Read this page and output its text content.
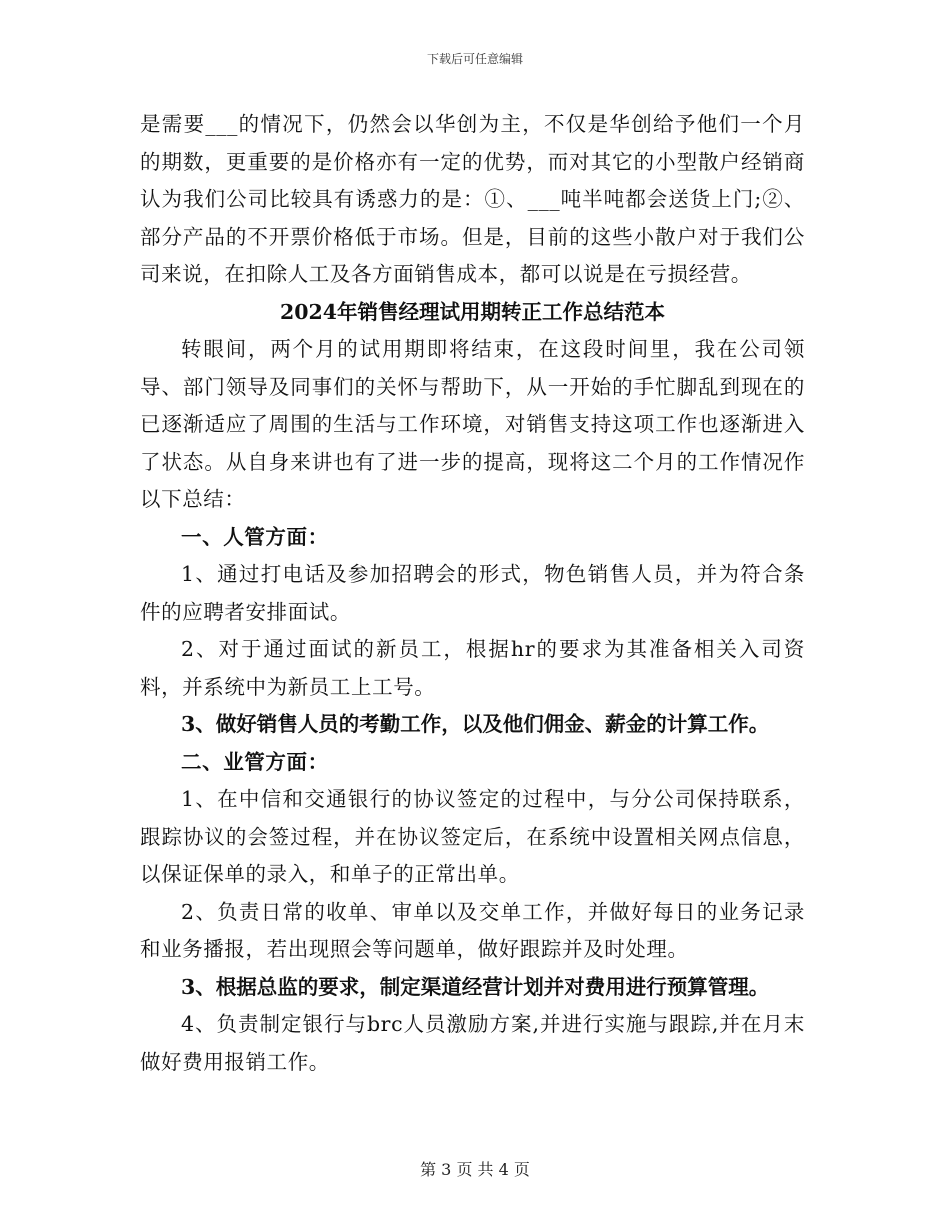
下载后可任意编辑

是需要___的情况下，仍然会以华创为主，不仅是华创给予他们一个月的期数，更重要的是价格亦有一定的优势，而对其它的小型散户经销商认为我们公司比较具有诱惑力的是：①、___吨半吨都会送货上门;②、部分产品的不开票价格低于市场。但是，目前的这些小散户对于我们公司来说，在扣除人工及各方面销售成本，都可以说是在亏损经营。

2024年销售经理试用期转正工作总结范本

转眼间，两个月的试用期即将结束，在这段时间里，我在公司领导、部门领导及同事们的关怀与帮助下，从一开始的手忙脚乱到现在的已逐渐适应了周围的生活与工作环境，对销售支持这项工作也逐渐进入了状态。从自身来讲也有了进一步的提高，现将这二个月的工作情况作以下总结：

一、人管方面：

1、通过打电话及参加招聘会的形式，物色销售人员，并为符合条件的应聘者安排面试。

2、对于通过面试的新员工，根据hr的要求为其准备相关入司资料，并系统中为新员工上工号。

3、做好销售人员的考勤工作，以及他们佣金、薪金的计算工作。

二、业管方面：

1、在中信和交通银行的协议签定的过程中，与分公司保持联系，跟踪协议的会签过程，并在协议签定后，在系统中设置相关网点信息，以保证保单的录入，和单子的正常出单。

2、负责日常的收单、审单以及交单工作，并做好每日的业务记录和业务播报，若出现照会等问题单，做好跟踪并及时处理。

3、根据总监的要求，制定渠道经营计划并对费用进行预算管理。

4、负责制定银行与brc人员激励方案,并进行实施与跟踪,并在月末做好费用报销工作。

第 3 页 共 4 页
